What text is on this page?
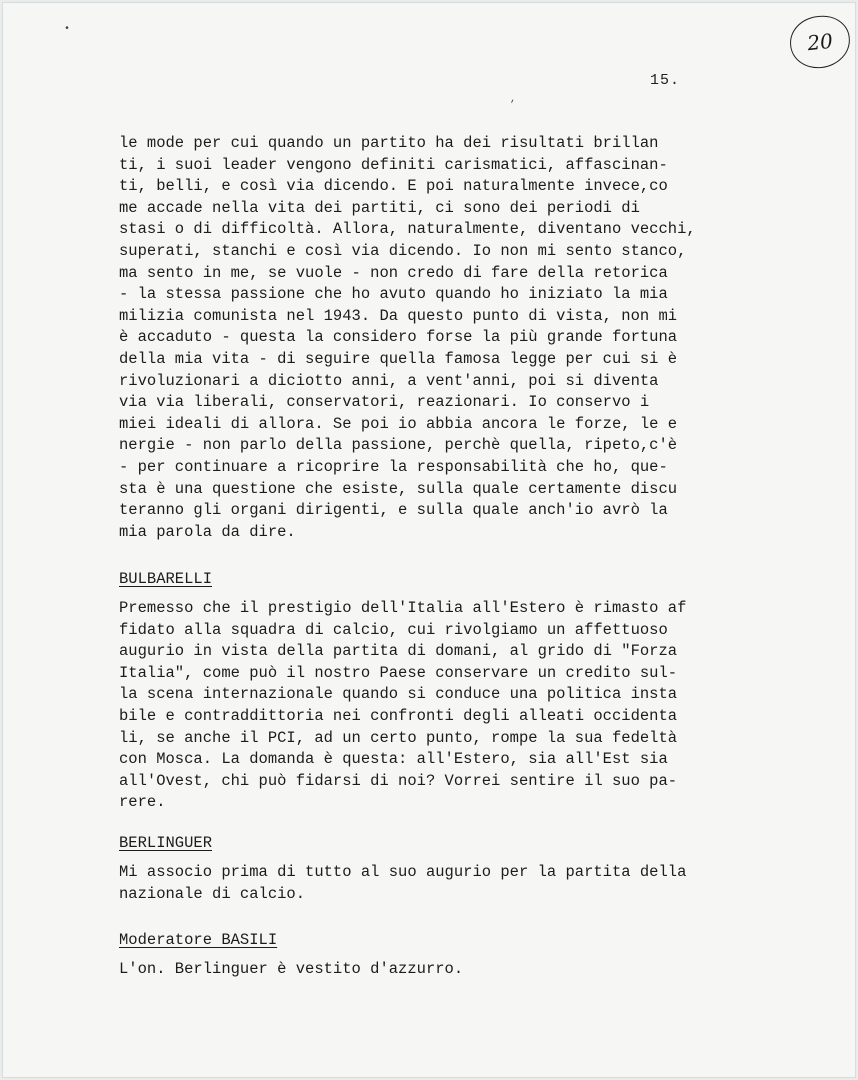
•
,
20
15.
le mode per cui quando un partito ha dei risultati brillan
ti, i suoi leader vengono definiti carismatici, affascinan-
ti, belli, e così via dicendo. E poi naturalmente invece,co
me accade nella vita dei partiti, ci sono dei periodi di
stasi o di difficoltà. Allora, naturalmente, diventano vecchi,
superati, stanchi e così via dicendo. Io non mi sento stanco,
ma sento in me, se vuole - non credo di fare della retorica
- la stessa passione che ho avuto quando ho iniziato la mia
milizia comunista nel 1943. Da questo punto di vista, non mi
è accaduto - questa la considero forse la più grande fortuna
della mia vita - di seguire quella famosa legge per cui si è
rivoluzionari a diciotto anni, a vent'anni, poi si diventa
via via liberali, conservatori, reazionari. Io conservo i
miei ideali di allora. Se poi io abbia ancora le forze, le e
nergie - non parlo della passione, perchè quella, ripeto,c'è
- per continuare a ricoprire la responsabilità che ho, que-
sta è una questione che esiste, sulla quale certamente discu
teranno gli organi dirigenti, e sulla quale anch'io avrò la
mia parola da dire.
BULBARELLI
Premesso che il prestigio dell'Italia all'Estero è rimasto af
fidato alla squadra di calcio, cui rivolgiamo un affettuoso
augurio in vista della partita di domani, al grido di "Forza
Italia", come può il nostro Paese conservare un credito sul-
la scena internazionale quando si conduce una politica insta
bile e contraddittoria nei confronti degli alleati occidenta
li, se anche il PCI, ad un certo punto, rompe la sua fedeltà
con Mosca. La domanda è questa: all'Estero, sia all'Est sia
all'Ovest, chi può fidarsi di noi? Vorrei sentire il suo pa-
rere.
BERLINGUER
Mi associo prima di tutto al suo augurio per la partita della
nazionale di calcio.
Moderatore BASILI
L'on. Berlinguer è vestito d'azzurro.
